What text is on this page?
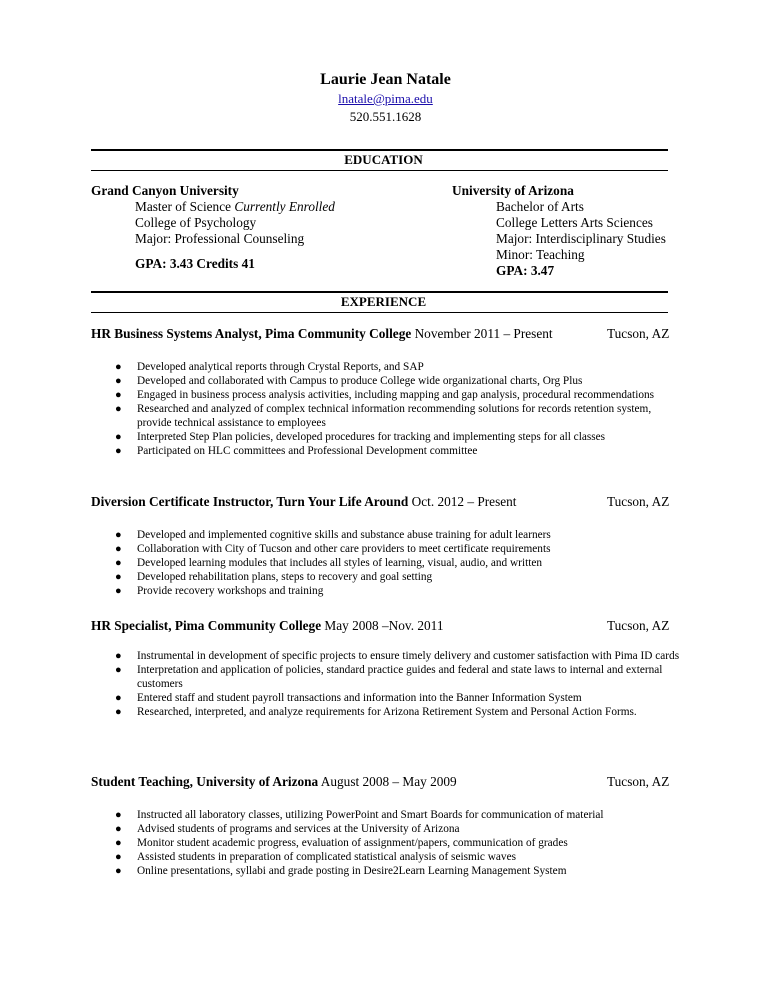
Laurie Jean Natale
lnatale@pima.edu
520.551.1628
EDUCATION
Grand Canyon University
Master of Science Currently Enrolled
College of Psychology
Major: Professional Counseling
GPA: 3.43 Credits 41
University of Arizona
Bachelor of Arts
College Letters Arts Sciences
Major: Interdisciplinary Studies
Minor: Teaching
GPA: 3.47
EXPERIENCE
HR Business Systems Analyst, Pima Community College November 2011 – Present	Tucson, AZ
● Developed analytical reports through Crystal Reports, and SAP
● Developed and collaborated with Campus to produce College wide organizational charts, Org Plus
● Engaged in business process analysis activities, including mapping and gap analysis, procedural recommendations
● Researched and analyzed of complex technical information recommending solutions for records retention system, provide technical assistance to employees
● Interpreted Step Plan policies, developed procedures for tracking and implementing steps for all classes
● Participated on HLC committees and Professional Development committee
Diversion Certificate Instructor, Turn Your Life Around Oct. 2012 – Present	Tucson, AZ
● Developed and implemented cognitive skills and substance abuse training for adult learners
● Collaboration with City of Tucson and other care providers to meet certificate requirements
● Developed learning modules that includes all styles of learning, visual, audio, and written
● Developed rehabilitation plans, steps to recovery and goal setting
● Provide recovery workshops and training
HR Specialist, Pima Community College May 2008 –Nov. 2011	Tucson, AZ
● Instrumental in development of specific projects to ensure timely delivery and customer satisfaction with Pima ID cards
● Interpretation and application of policies, standard practice guides and federal and state laws to internal and external customers
● Entered staff and student payroll transactions and information into the Banner Information System
● Researched, interpreted, and analyze requirements for Arizona Retirement System and Personal Action Forms.
Student Teaching, University of Arizona August 2008 – May 2009	Tucson, AZ
● Instructed all laboratory classes, utilizing PowerPoint and Smart Boards for communication of material
● Advised students of programs and services at the University of Arizona
● Monitor student academic progress, evaluation of assignment/papers, communication of grades
● Assisted students in preparation of complicated statistical analysis of seismic waves
● Online presentations, syllabi and grade posting in Desire2Learn Learning Management System
